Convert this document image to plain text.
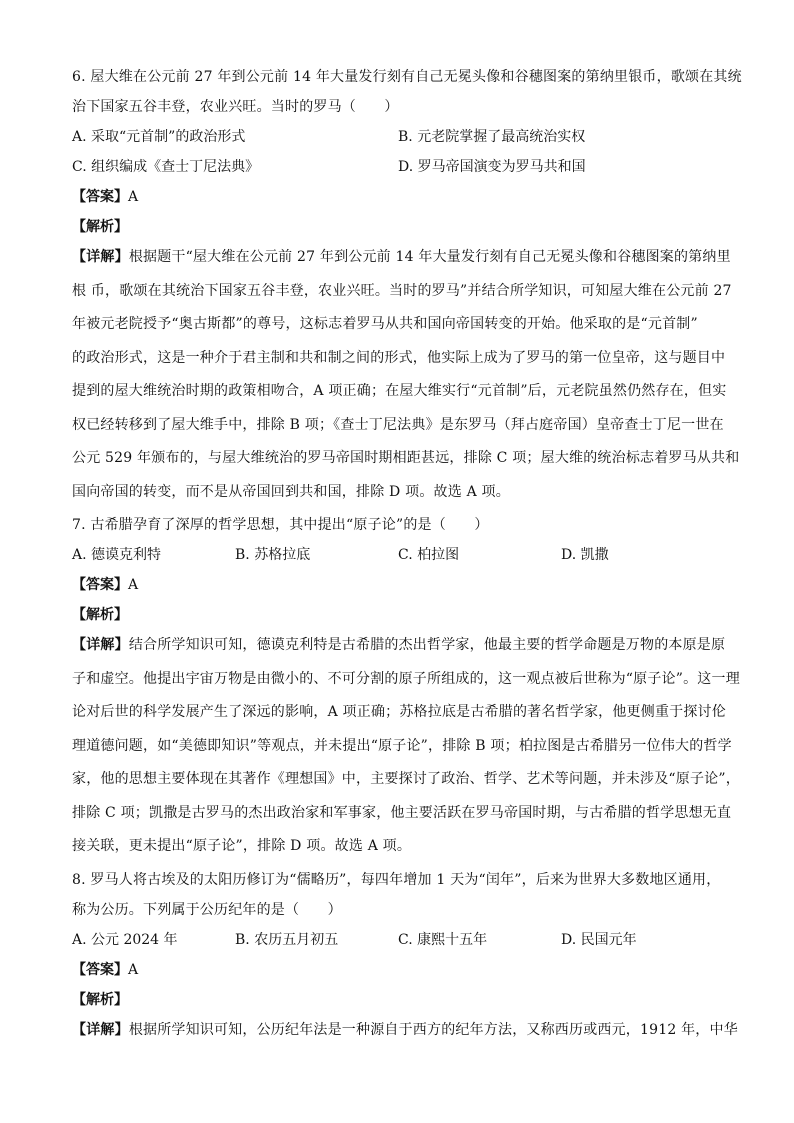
6. 屋大维在公元前 27 年到公元前 14 年大量发行刻有自己无冕头像和谷穗图案的第纳里银币，歌颂在其统
治下国家五谷丰登，农业兴旺。当时的罗马（　　）
A. 采取“元首制”的政治形式	B. 元老院掌握了最高统治实权
C. 组织编成《查士丁尼法典》	D. 罗马帝国演变为罗马共和国
【答案】A
【解析】
【详解】根据题干“屋大维在公元前 27 年到公元前 14 年大量发行刻有自己无冕头像和谷穗图案的第纳里
根 币，歌颂在其统治下国家五谷丰登，农业兴旺。当时的罗马”并结合所学知识，可知屋大维在公元前 27
年被元老院授予“奥古斯都”的尊号，这标志着罗马从共和国向帝国转变的开始。他采取的是“元首制”
的政治形式，这是一种介于君主制和共和制之间的形式，他实际上成为了罗马的第一位皇帝，这与题目中
提到的屋大维统治时期的政策相吻合，A 项正确；在屋大维实行“元首制”后，元老院虽然仍然存在，但实
权已经转移到了屋大维手中，排除 B 项；《查士丁尼法典》是东罗马（拜占庭帝国）皇帝查士丁尼一世在
公元 529 年颁布的，与屋大维统治的罗马帝国时期相距甚远，排除 C 项；屋大维的统治标志着罗马从共和
国向帝国的转变，而不是从帝国回到共和国，排除 D 项。故选 A 项。
7. 古希腊孕育了深厚的哲学思想，其中提出“原子论”的是（　　）
A. 德谟克利特	B. 苏格拉底	C. 柏拉图	D. 凯撒
【答案】A
【解析】
【详解】结合所学知识可知，德谟克利特是古希腊的杰出哲学家，他最主要的哲学命题是万物的本原是原
子和虚空。他提出宇宙万物是由微小的、不可分割的原子所组成的，这一观点被后世称为“原子论”。这一理
论对后世的科学发展产生了深远的影响，A 项正确；苏格拉底是古希腊的著名哲学家，他更侧重于探讨伦
理道德问题，如“美德即知识”等观点，并未提出“原子论”，排除 B 项；柏拉图是古希腊另一位伟大的哲学
家，他的思想主要体现在其著作《理想国》中，主要探讨了政治、哲学、艺术等问题，并未涉及“原子论”，
排除 C 项；凯撒是古罗马的杰出政治家和军事家，他主要活跃在罗马帝国时期，与古希腊的哲学思想无直
接关联，更未提出“原子论”，排除 D 项。故选 A 项。
8. 罗马人将古埃及的太阳历修订为“儒略历”，每四年增加 1 天为“闰年”，后来为世界大多数地区通用，
称为公历。下列属于公历纪年的是（　　）
A. 公元 2024 年	B. 农历五月初五	C. 康熙十五年	D. 民国元年
【答案】A
【解析】
【详解】根据所学知识可知，公历纪年法是一种源自于西方的纪年方法，又称西历或西元，1912 年，中华
